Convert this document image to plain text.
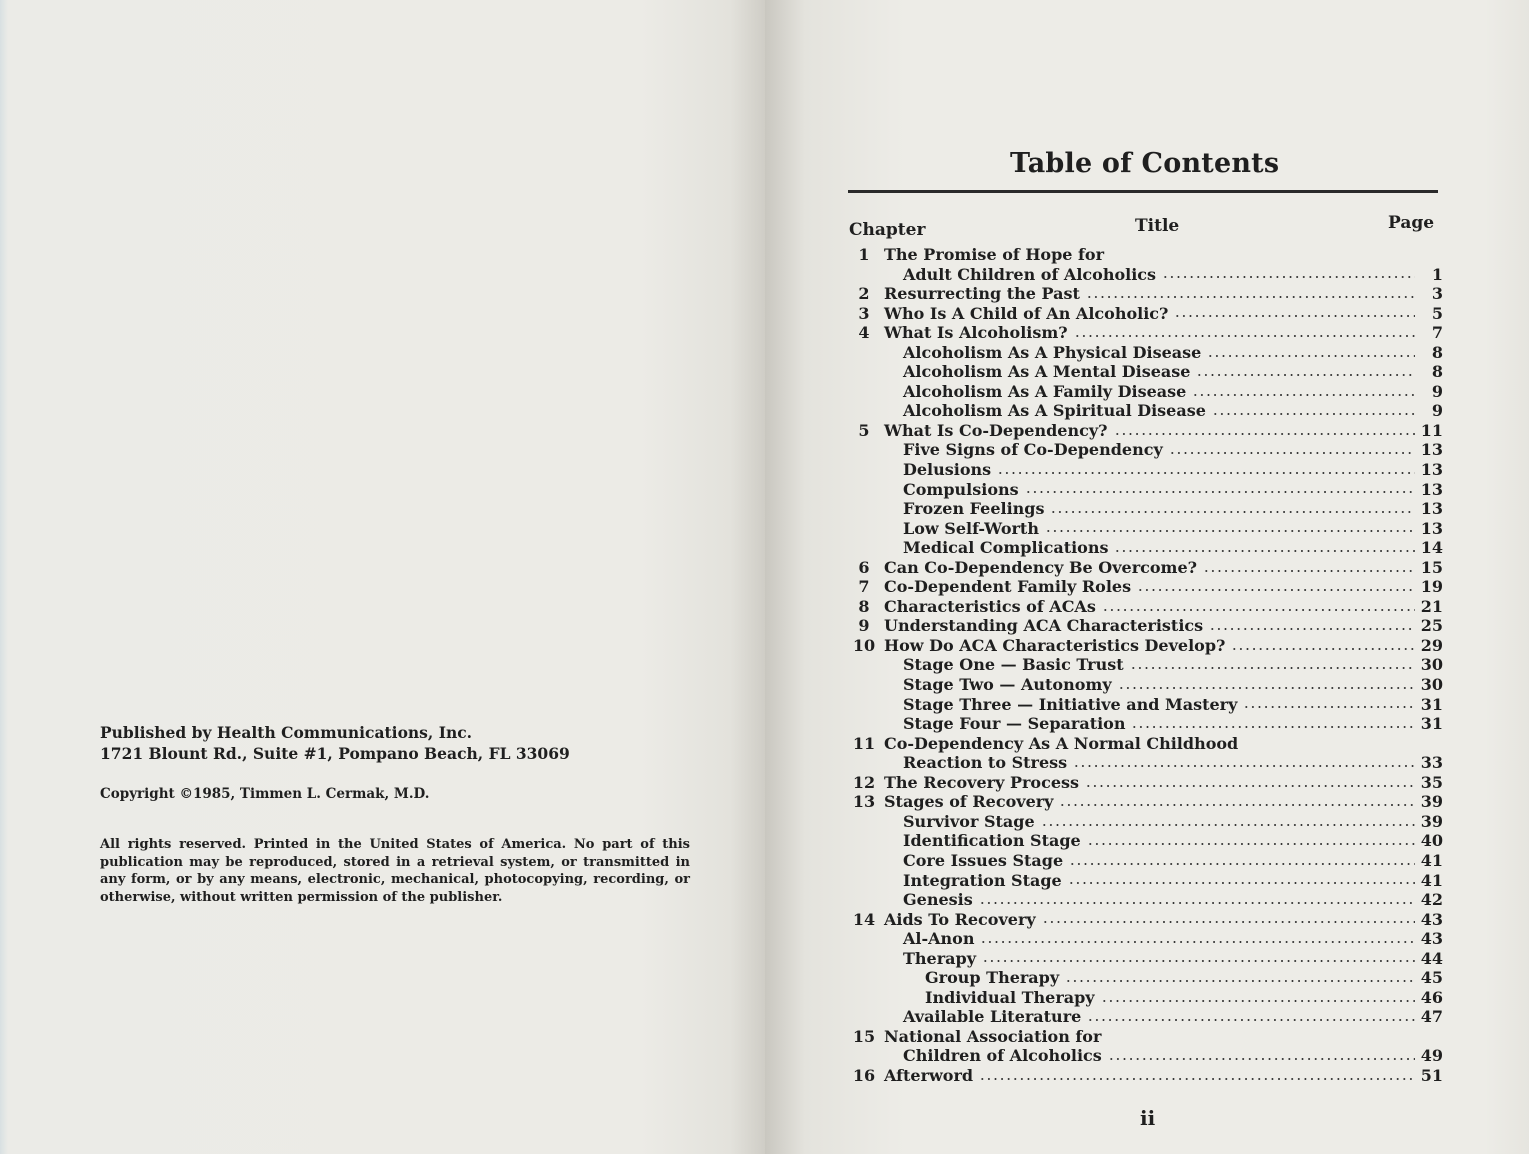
Published by Health Communications, Inc.
1721 Blount Rd., Suite #1, Pompano Beach, FL 33069

Copyright ©1985, Timmen L. Cermak, M.D.

All rights reserved. Printed in the United States of America. No part of this publication may be reproduced, stored in a retrieval system, or transmitted in any form, or by any means, electronic, mechanical, photocopying, recording, or otherwise, without written permission of the publisher.

Table of Contents

Chapter	Title	Page

1 The Promise of Hope for
Adult Children of Alcoholics	1
2 Resurrecting the Past	3
3 Who Is A Child of An Alcoholic?	5
4 What Is Alcoholism?	7
Alcoholism As A Physical Disease	8
Alcoholism As A Mental Disease	8
Alcoholism As A Family Disease	9
Alcoholism As A Spiritual Disease	9
5 What Is Co-Dependency?	11
Five Signs of Co-Dependency	13
Delusions	13
Compulsions	13
Frozen Feelings	13
Low Self-Worth	13
Medical Complications	14
6 Can Co-Dependency Be Overcome?	15
7 Co-Dependent Family Roles	19
8 Characteristics of ACAs	21
9 Understanding ACA Characteristics	25
10 How Do ACA Characteristics Develop?	29
Stage One — Basic Trust	30
Stage Two — Autonomy	30
Stage Three — Initiative and Mastery	31
Stage Four — Separation	31
11 Co-Dependency As A Normal Childhood
Reaction to Stress	33
12 The Recovery Process	35
13 Stages of Recovery	39
Survivor Stage	39
Identification Stage	40
Core Issues Stage	41
Integration Stage	41
Genesis	42
14 Aids To Recovery	43
Al-Anon	43
Therapy	44
Group Therapy	45
Individual Therapy	46
Available Literature	47
15 National Association for
Children of Alcoholics	49
16 Afterword	51

ii
